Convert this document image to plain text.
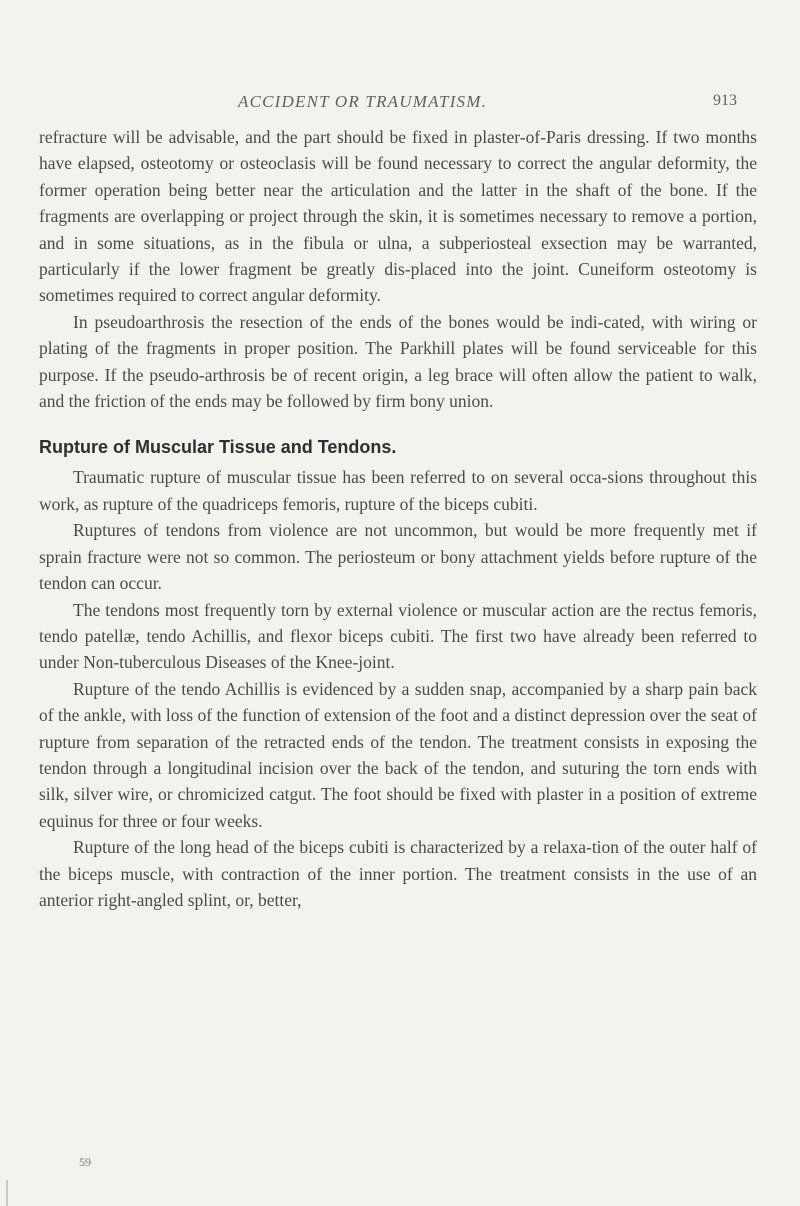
ACCIDENT OR TRAUMATISM.	913

refracture will be advisable, and the part should be fixed in plaster-of-Paris dressing. If two months have elapsed, osteotomy or osteoclasis will be found necessary to correct the angular deformity, the former operation being better near the articulation and the latter in the shaft of the bone. If the fragments are overlapping or project through the skin, it is sometimes necessary to remove a portion, and in some situations, as in the fibula or ulna, a subperiosteal exsection may be warranted, particularly if the lower fragment be greatly dis-placed into the joint. Cuneiform osteotomy is sometimes required to correct angular deformity.

In pseudoarthrosis the resection of the ends of the bones would be indi-cated, with wiring or plating of the fragments in proper position. The Parkhill plates will be found serviceable for this purpose. If the pseudo-arthrosis be of recent origin, a leg brace will often allow the patient to walk, and the friction of the ends may be followed by firm bony union.

Rupture of Muscular Tissue and Tendons.

Traumatic rupture of muscular tissue has been referred to on several occa-sions throughout this work, as rupture of the quadriceps femoris, rupture of the biceps cubiti.

Ruptures of tendons from violence are not uncommon, but would be more frequently met if sprain fracture were not so common. The periosteum or bony attachment yields before rupture of the tendon can occur.

The tendons most frequently torn by external violence or muscular action are the rectus femoris, tendo patellæ, tendo Achillis, and flexor biceps cubiti. The first two have already been referred to under Non-tuberculous Diseases of the Knee-joint.

Rupture of the tendo Achillis is evidenced by a sudden snap, accompanied by a sharp pain back of the ankle, with loss of the function of extension of the foot and a distinct depression over the seat of rupture from separation of the retracted ends of the tendon. The treatment consists in exposing the tendon through a longitudinal incision over the back of the tendon, and suturing the torn ends with silk, silver wire, or chromicized catgut. The foot should be fixed with plaster in a position of extreme equinus for three or four weeks.

Rupture of the long head of the biceps cubiti is characterized by a relaxa-tion of the outer half of the biceps muscle, with contraction of the inner portion. The treatment consists in the use of an anterior right-angled splint, or, better,

59
